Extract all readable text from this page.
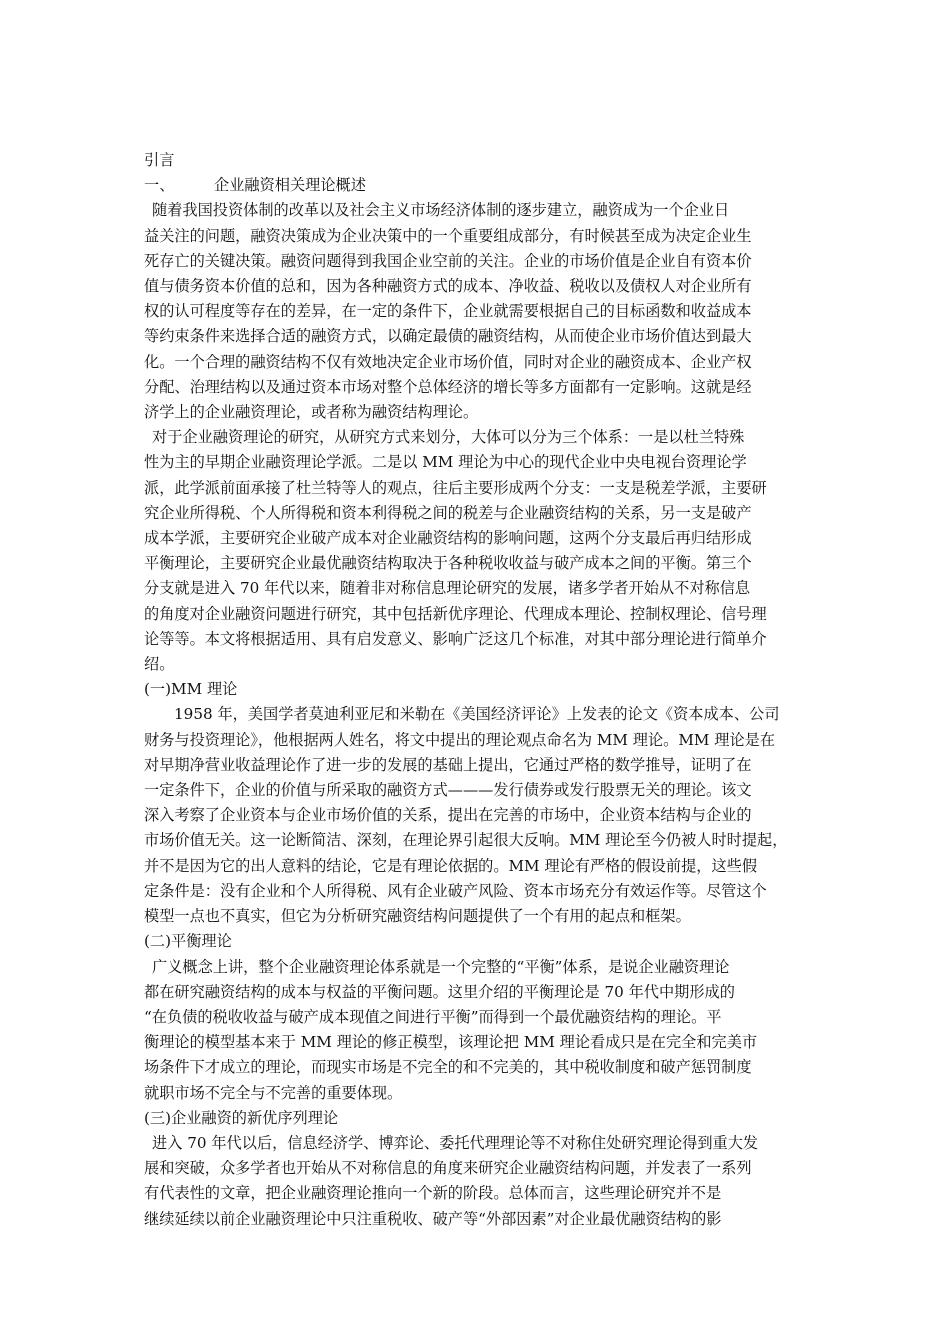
引言
一、	企业融资相关理论概述
随着我国投资体制的改革以及社会主义市场经济体制的逐步建立，融资成为一个企业日
益关注的问题，融资决策成为企业决策中的一个重要组成部分，有时候甚至成为决定企业生
死存亡的关键决策。融资问题得到我国企业空前的关注。企业的市场价值是企业自有资本价
值与债务资本价值的总和，因为各种融资方式的成本、净收益、税收以及债权人对企业所有
权的认可程度等存在的差异，在一定的条件下，企业就需要根据自己的目标函数和收益成本
等约束条件来选择合适的融资方式，以确定最债的融资结构，从而使企业市场价值达到最大
化。一个合理的融资结构不仅有效地决定企业市场价值，同时对企业的融资成本、企业产权
分配、治理结构以及通过资本市场对整个总体经济的增长等多方面都有一定影响。这就是经
济学上的企业融资理论，或者称为融资结构理论。
对于企业融资理论的研究，从研究方式来划分，大体可以分为三个体系：一是以杜兰特殊
性为主的早期企业融资理论学派。二是以 MM 理论为中心的现代企业中央电视台资理论学
派，此学派前面承接了杜兰特等人的观点，往后主要形成两个分支：一支是税差学派，主要研
究企业所得税、个人所得税和资本利得税之间的税差与企业融资结构的关系，另一支是破产
成本学派，主要研究企业破产成本对企业融资结构的影响问题，这两个分支最后再归结形成
平衡理论，主要研究企业最优融资结构取决于各种税收收益与破产成本之间的平衡。第三个
分支就是进入 70 年代以来，随着非对称信息理论研究的发展，诸多学者开始从不对称信息
的角度对企业融资问题进行研究，其中包括新优序理论、代理成本理论、控制权理论、信号理
论等等。本文将根据适用、具有启发意义、影响广泛这几个标准，对其中部分理论进行简单介
绍。
(一)MM 理论
1958 年，美国学者莫迪利亚尼和米勒在《美国经济评论》上发表的论文《资本成本、公司
财务与投资理论》，他根据两人姓名，将文中提出的理论观点命名为 MM 理论。MM 理论是在
对早期净营业收益理论作了进一步的发展的基础上提出，它通过严格的数学推导，证明了在
一定条件下，企业的价值与所采取的融资方式———发行债券或发行股票无关的理论。该文
深入考察了企业资本与企业市场价值的关系，提出在完善的市场中，企业资本结构与企业的
市场价值无关。这一论断简洁、深刻，在理论界引起很大反响。MM 理论至今仍被人时时提起，
并不是因为它的出人意料的结论，它是有理论依据的。MM 理论有严格的假设前提，这些假
定条件是：没有企业和个人所得税、风有企业破产风险、资本市场充分有效运作等。尽管这个
模型一点也不真实，但它为分析研究融资结构问题提供了一个有用的起点和框架。
(二)平衡理论
广义概念上讲，整个企业融资理论体系就是一个完整的“平衡”体系，是说企业融资理论
都在研究融资结构的成本与权益的平衡问题。这里介绍的平衡理论是 70 年代中期形成的
“在负债的税收收益与破产成本现值之间进行平衡”而得到一个最优融资结构的理论。平
衡理论的模型基本来于 MM 理论的修正模型，该理论把 MM 理论看成只是在完全和完美市
场条件下才成立的理论，而现实市场是不完全的和不完美的，其中税收制度和破产惩罚制度
就职市场不完全与不完善的重要体现。
(三)企业融资的新优序列理论
进入 70 年代以后，信息经济学、博弈论、委托代理理论等不对称住处研究理论得到重大发
展和突破，众多学者也开始从不对称信息的角度来研究企业融资结构问题，并发表了一系列
有代表性的文章，把企业融资理论推向一个新的阶段。总体而言，这些理论研究并不是
继续延续以前企业融资理论中只注重税收、破产等“外部因素”对企业最优融资结构的影
